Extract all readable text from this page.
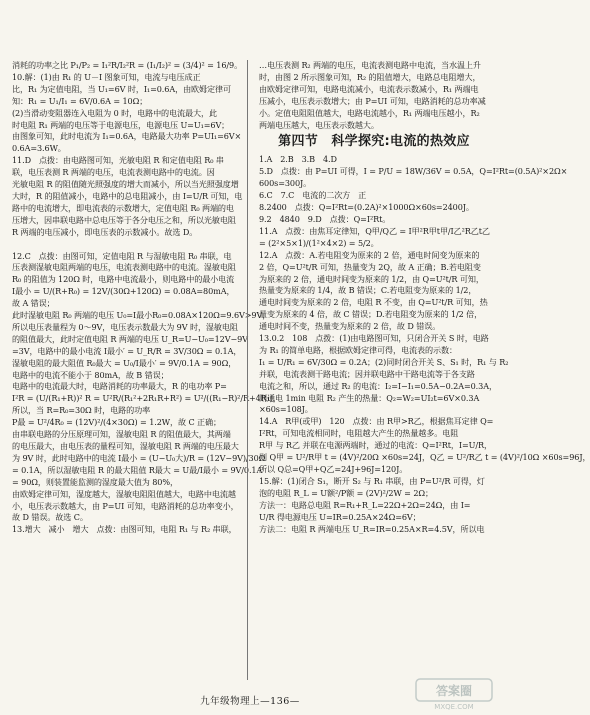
消耗的功率之比 P₁/P₂ = I₁²R/I₂²R = (I₁/I₂)² = (3/4)² = 16/9。
10.解：(1)由 R₁ 的 U－I 图象可知，电流与电压成正
比，R₁ 为定值电阻，当 U₁=6V 时，I₁=0.6A，由欧姆定律可
知：R₁ = U₁/I₁ = 6V/0.6A = 10Ω；
(2)当滑动变阻器连入电阻为 0 时，电路中的电流最大，此
时电阻 R₁ 两端的电压等于电源电压，电源电压 U=U₁=6V；
由图象可知，此时电流为 I₁=0.6A，电路最大功率 P=UI₁=6V×
0.6A=3.6W。
11.D　点拨：由电路图可知，光敏电阻 R 和定值电阻 R₀ 串
联，电压表测 R 两端的电压，电流表测电路中的电流。因
光敏电阻 R 的阻值随光照强度的增大而减小，所以当光照强度增
大时，R 的阻值减小，电路中的总电阻减小，由 I=U/R 可知，电
路中的电流增大，即电流表的示数增大，定值电阻 R₀ 两端的电
压增大，因串联电路中总电压等于各分电压之和，所以光敏电阻
R 两端的电压减小，即电压表的示数减小。故选 D。

12.C　点拨：由图可知，定值电阻 R 与湿敏电阻 R₀ 串联，电
压表测湿敏电阻两端的电压，电流表测电路中的电流。湿敏电阻
R₀ 的阻值为 120Ω 时，电路中电流最小，则电路中的最小电流
I最小 = U/(R+R₀) = 12V/(30Ω+120Ω) = 0.08A=80mA，
故 A 错误；
此时湿敏电阻 R₀ 两端的电压 U₀=I最小R₀=0.08A×120Ω=9.6V>9V，
所以电压表量程为 0～9V，电压表示数最大为 9V 时，湿敏电阻
的阻值最大，此时定值电阻 R 两端的电压 U_R=U−U₀=12V−9V
=3V，电路中的最小电流 I最小′ = U_R/R = 3V/30Ω = 0.1A，
湿敏电阻的最大阻值 R₀最大 = U₀/I最小′ = 9V/0.1A = 90Ω，
电路中的电流不能小于 80mA，故 B 错误；
电路中的电流最大时，电路消耗的功率最大，R 的电功率 P=
I²R = (U/(R₁+R))² R = U²R/(R₁²+2R₁R+R²) = U²/((R₁−R)²/R+4R₁)，
所以，当 R=R₀=30Ω 时，电路的功率
P最 = U²/4R₀ = (12V)²/(4×30Ω) = 1.2W，故 C 正确；
由串联电路的分压原理可知，湿敏电阻 R 的阻值最大，其两端
的电压最大，由电压表的量程可知，湿敏电阻 R 两端的电压最大
为 9V 时，此时电路中的电流 I最小 = (U−U₀大)/R = (12V−9V)/30Ω
= 0.1A，所以湿敏电阻 R 的最大阻值 R最大 = U最/I最小 = 9V/0.1A
= 90Ω，则装置能监测的湿度最大值为 80%，
由欧姆定律可知，湿度越大，湿敏电阻阻值越大，电路中电流越
小，电压表示数越大，由 P=UI 可知，电路消耗的总功率变小，
故 D 错误。故选 C。
13.增大　减小　增大　点拨：由图可知，电阻 R₁ 与 R₂ 串联，
…电压表测 R₂ 两端的电压，电流表测电路中电流，当水温上升
时，由图 2 所示图象可知，R₂ 的阻值增大，电路总电阻增大，
由欧姆定律可知，电路电流减小，电流表示数减小，R₁ 两端电
压减小，电压表示数增大；由 P=UI 可知，电路消耗的总功率减
小。定值电阻阻值越大，电路电流越小，R₁ 两端电压越小，R₂
两端电压越大，电压表示数越大。
第四节　科学探究:电流的热效应
1.A　2.B　3.B　4.D
5.D　点拨：由 P=UI 可得，I = P/U = 18W/36V = 0.5A，Q=I²Rt=(0.5A)²×2Ω×
600s=300J。
6.C　7.C　电流的二次方　正
8.2400　点拨：Q=I²Rt=(0.2A)²×1000Ω×60s=2400J。
9.2　4840　9.D　点拨：Q=I²Rt。
11.A　点拨：由焦耳定律知，Q甲/Q乙 = I甲²R甲t甲/I乙²R乙t乙
= (2²×5×1)/(1²×4×2) = 5/2。
12.A　点拨：A.若电阻变为原来的 2 倍，通电时间变为原来的
2 倍，Q=U²t/R 可知，热量变为 2Q，故 A 正确；B.若电阻变
为原来的 2 倍，通电时间变为原来的 1/2，由 Q=U²t/R 可知，
热量变为原来的 1/4，故 B 错误；C.若电阻变为原来的 1/2，
通电时间变为原来的 2 倍，电阻 R 不变，由 Q=U²t/R 可知，热
量变为原来的 4 倍，故 C 错误；D.若电阻变为原来的 1/2 倍，
通电时间不变，热量变为原来的 2 倍，故 D 错误。
13.0.2　108　点拨：(1)由电路图可知，只闭合开关 S 时，电路
为 R₁ 的简单电路，根据欧姆定律可得，电流表的示数：
I₁ = U/R₁ = 6V/30Ω = 0.2A；(2)同时闭合开关 S、S₁ 时，R₁ 与 R₂
并联，电流表测干路电流；因并联电路中干路电流等于各支路
电流之和，所以，通过 R₂ 的电流：I₂=I−I₁=0.5A−0.2A=0.3A，
则通电 1min 电阻 R₂ 产生的热量：Q₂=W₂=UI₂t=6V×0.3A
×60s=108J。
14.A　R甲(或甲)　120　点拨：由 R甲>R乙，根据焦耳定律 Q=
I²Rt，可知电流相同时，电阻越大产生的热量越多。电阻
R甲 与 R乙 并联在电源两端时，通过的电流：Q=I²Rt，I=U/R，
则 Q甲 = U²/R甲 t = (4V)²/20Ω ×60s=24J，Q乙 = U²/R乙 t = (4V)²/10Ω ×60s=96J，
所以 Q总=Q甲+Q乙=24J+96J=120J。
15.解：(1)闭合 S₁，断开 S₂ 与 R₁ 串联，由 P=U²/R 可得，灯
泡的电阻 R_L = U额²/P额 = (2V)²/2W = 2Ω；
方法一：电路总电阻 R=R₁+R_L=22Ω+2Ω=24Ω，由 I=
U/R 得电源电压 U=IR=0.25A×24Ω=6V；
方法二：电阻 R 两端电压 U_R=IR=0.25A×R=4.5V，所以电
九年级物理上—136—
答案圈
MXQE.COM
